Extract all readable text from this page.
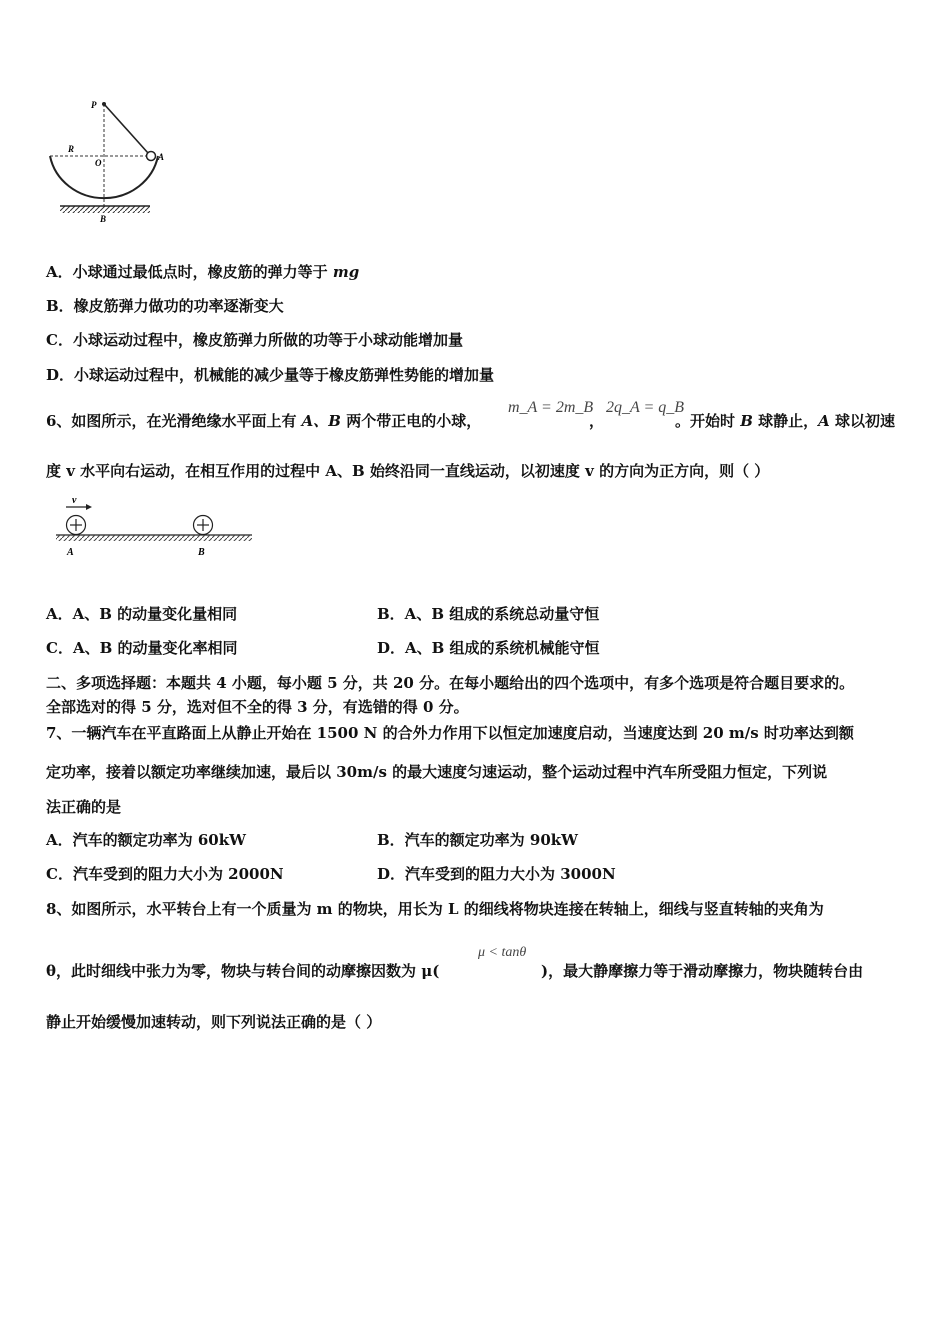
P
R
O
A
B
A．小球通过最低点时，橡皮筋的弹力等于 mg
B．橡皮筋弹力做功的功率逐渐变大
C．小球运动过程中，橡皮筋弹力所做的功等于小球动能增加量
D．小球运动过程中，机械能的减少量等于橡皮筋弹性势能的增加量
6、如图所示，在光滑绝缘水平面上有 A、B 两个带正电的小球，
m_A = 2m_B
，
2q_A = q_B
。开始时 B 球静止，A 球以初速
度 v 水平向右运动，在相互作用的过程中 A、B 始终沿同一直线运动，以初速度 v 的方向为正方向，则（ ）
v
A	B
A．A、B 的动量变化量相同	B．A、B 组成的系统总动量守恒
C．A、B 的动量变化率相同	D．A、B 组成的系统机械能守恒
二、多项选择题：本题共 4 小题，每小题 5 分，共 20 分。在每小题给出的四个选项中，有多个选项是符合题目要求的。
全部选对的得 5 分，选对但不全的得 3 分，有选错的得 0 分。
7、一辆汽车在平直路面上从静止开始在 1500 N 的合外力作用下以恒定加速度启动，当速度达到 20 m/s 时功率达到额
定功率，接着以额定功率继续加速，最后以 30m/s 的最大速度匀速运动，整个运动过程中汽车所受阻力恒定，下列说
法正确的是
A．汽车的额定功率为 60kW	B．汽车的额定功率为 90kW
C．汽车受到的阻力大小为 2000N	D．汽车受到的阻力大小为 3000N
8、如图所示，水平转台上有一个质量为 m 的物块，用长为 L 的细线将物块连接在转轴上，细线与竖直转轴的夹角为
μ < tanθ
θ，此时细线中张力为零，物块与转台间的动摩擦因数为 μ(	)，最大静摩擦力等于滑动摩擦力，物块随转台由
静止开始缓慢加速转动，则下列说法正确的是（ ）
